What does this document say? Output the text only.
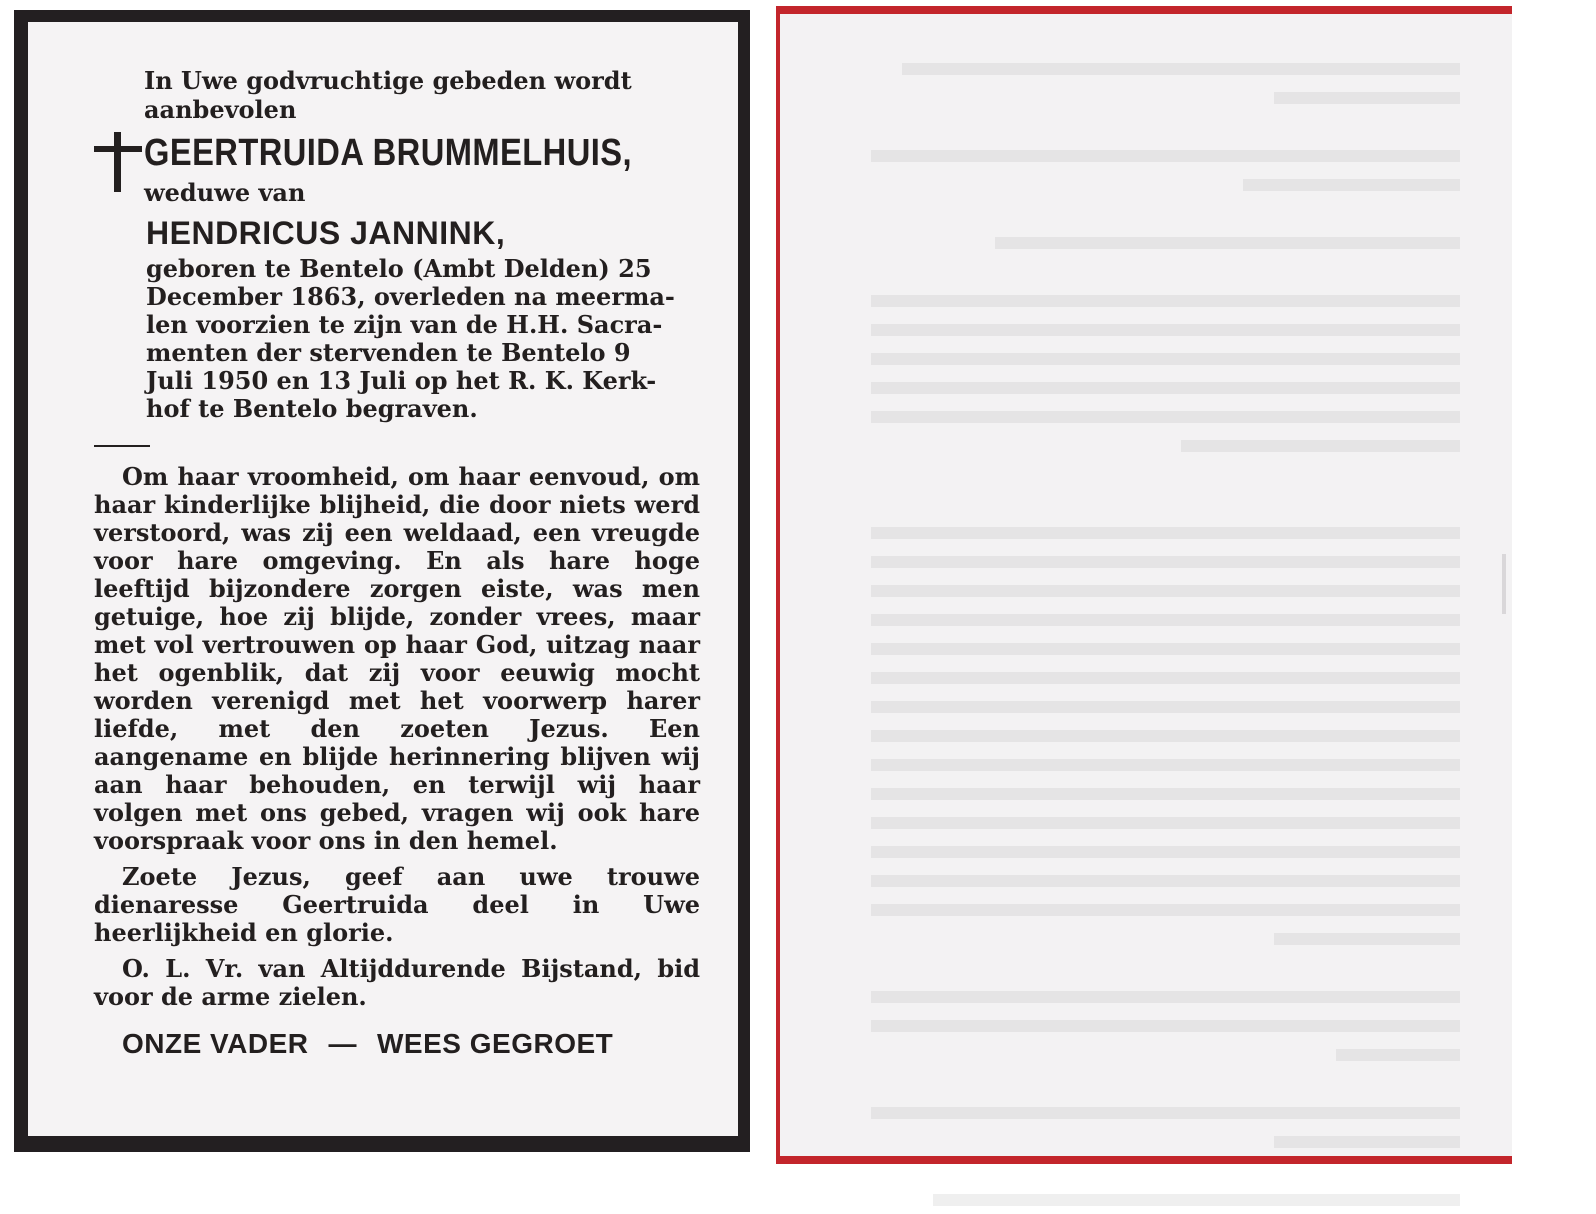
In Uwe godvruchtige gebeden wordt
aanbevolen
GEERTRUIDA BRUMMELHUIS,
weduwe van
HENDRICUS JANNINK,
geboren te Bentelo (Ambt Delden) 25
December 1863, overleden na meerma-
len voorzien te zijn van de H.H. Sacra-
menten der stervenden te Bentelo 9
Juli 1950 en 13 Juli op het R. K. Kerk-
hof te Bentelo begraven.
Om haar vroomheid, om haar eenvoud, om haar kinderlijke blijheid, die door niets werd verstoord, was zij een weldaad, een vreugde voor hare omgeving. En als hare hoge leeftijd bijzondere zorgen eiste, was men getuige, hoe zij blijde, zonder vrees, maar met vol vertrouwen op haar God, uitzag naar het ogenblik, dat zij voor eeuwig mocht worden verenigd met het voorwerp harer liefde, met den zoeten Jezus. Een aangename en blijde herinnering blijven wij aan haar behouden, en terwijl wij haar volgen met ons gebed, vragen wij ook hare voorspraak voor ons in den hemel.
Zoete Jezus, geef aan uwe trouwe dienaresse Geertruida deel in Uwe heerlijkheid en glorie.
O. L. Vr. van Altijddurende Bijstand, bid voor de arme zielen.
ONZE VADER — WEES GEGROET
